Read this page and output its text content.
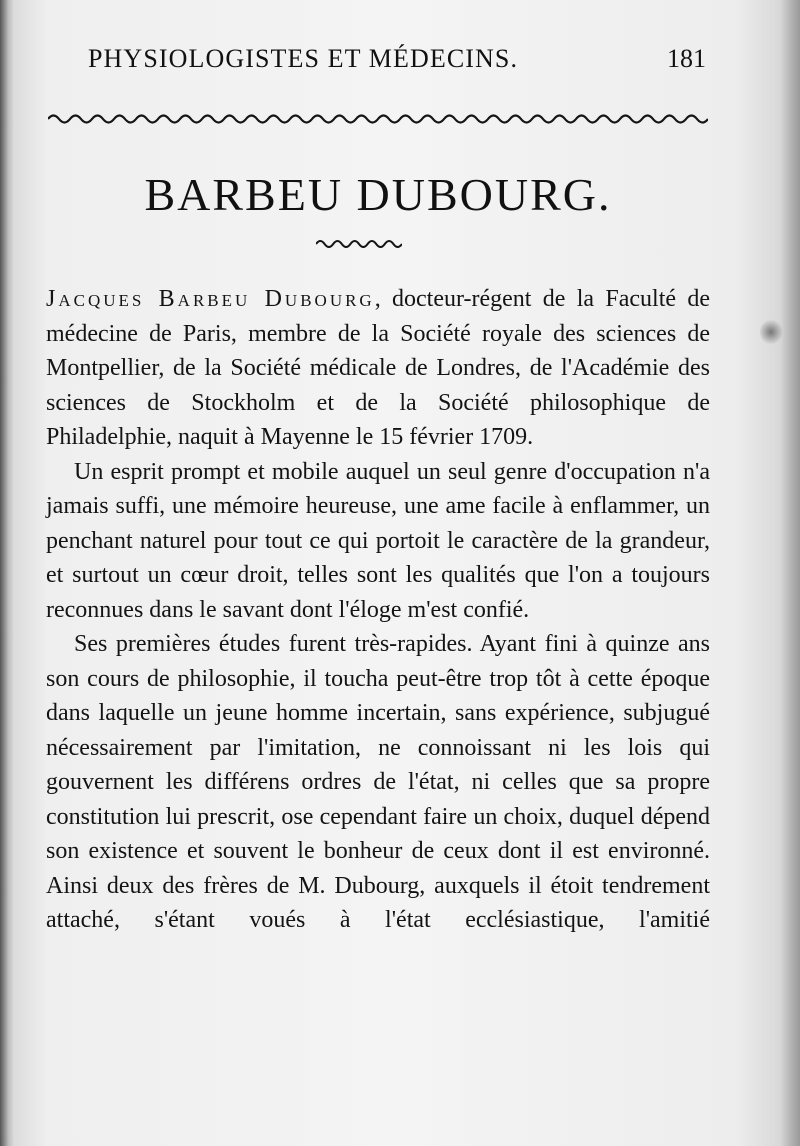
PHYSIOLOGISTES ET MÉDECINS.	181
BARBEU DUBOURG.

Jacques Barbeu Dubourg, docteur-régent de la Faculté de médecine de Paris, membre de la Société royale des sciences de Montpellier, de la Société médicale de Londres, de l'Académie des sciences de Stockholm et de la Société philosophique de Philadelphie, naquit à Mayenne le 15 février 1709.

Un esprit prompt et mobile auquel un seul genre d'occupation n'a jamais suffi, une mémoire heureuse, une ame facile à enflammer, un penchant naturel pour tout ce qui portoit le caractère de la grandeur, et surtout un cœur droit, telles sont les qualités que l'on a toujours reconnues dans le savant dont l'éloge m'est confié.

Ses premières études furent très-rapides. Ayant fini à quinze ans son cours de philosophie, il toucha peut-être trop tôt à cette époque dans laquelle un jeune homme incertain, sans expérience, subjugué nécessairement par l'imitation, ne connoissant ni les lois qui gouvernent les différens ordres de l'état, ni celles que sa propre constitution lui prescrit, ose cependant faire un choix, duquel dépend son existence et souvent le bonheur de ceux dont il est environné. Ainsi deux des frères de M. Dubourg, auxquels il étoit tendrement attaché, s'étant voués à l'état ecclésiastique, l'amitié
